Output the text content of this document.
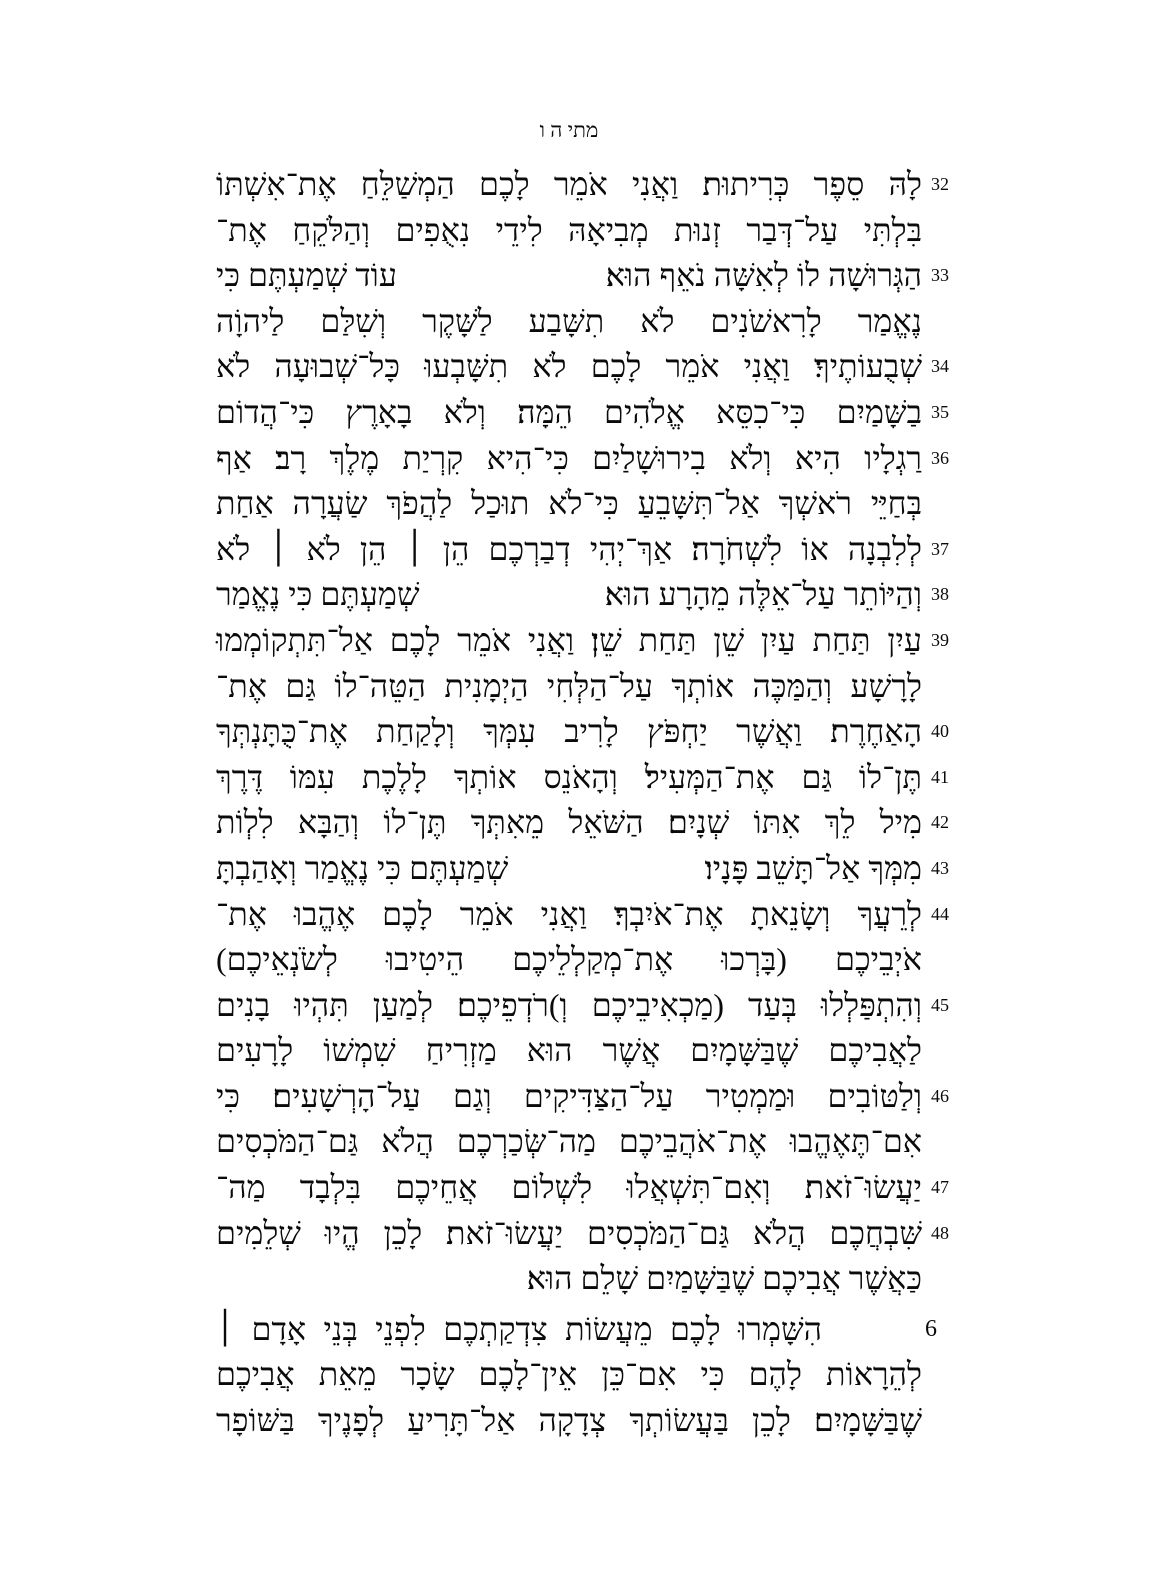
מתי ה ו
32
לָהּ סֵפֶר כְּרִיתוּת׃ וַאֲנִי אֹמֵר לָכֶם הַמְשַׁלֵּחַ אֶת־אִשְׁתּוֹ
בִּלְתִּי עַל־דְּבַר זְנוּת מְבִיאָהּ לִידֵי נִאֻפִים וְהַלֹּקֵחַ אֶת־
33
הַגְּרוּשָׁה לוֹ לְאִשָּׁה נֹאֵף הוּא׃
עוֹד שְׁמַעְתֶּם כִּי
נֶאֱמַר לָרִאשֹׁנִים לֹא תִשָּׁבַע לַשָּׁקֶר וְשִׁלַּם לַיהוָֹה
34
שְׁבֻעוֹתֶיךָ׃ וַאֲנִי אֹמֵר לָכֶם לֹא תִשָּׁבְעוּ כָּל־שְׁבוּעָה לֹא
35
בַשָּׁמַיִם כִּי־כִסֵּא אֱלֹהִים הֵמָּה׃ וְלֹא בָאָרֶץ כִּי־הֲדוֹם
36
רַגְלָיו הִיא וְלֹא בִירוּשָׁלַיִם כִּי־הִיא קִרְיַת מֶלֶךְ רָב׃ אַף
בְּחַיֵּי רֹאשְׁךָ אַל־תִּשָּׁבֵעַ כִּי־לֹא תוּכַל לַהֲפֹךְ שַׂעֲרָה אַחַת
37
לְלִבְנָה אוֹ לִשְׁחֹרָה׃ אַךְ־יְהִי דְבַרְכֶם הֵן ׀ הֵן לֹא ׀ לֹא
38
וְהַיּוֹתֵר עַל־אֵלֶּה מֵהָרָע הוּא׃
שְׁמַעְתֶּם כִּי נֶאֱמַר
39
עַיִן תַּחַת עַיִן שֵׁן תַּחַת שֵׁן׃ וַאֲנִי אֹמֵר לָכֶם אַל־תִּתְקוֹמְמוּ
לָרָשָׁע וְהַמַּכֶּה אוֹתְךָ עַל־הַלְּחִי הַיְמָנִית הַטֵּה־לוֹ גַּם אֶת־
40
הָאַחֶרֶת׃ וַאֲשֶׁר יַחְפֹּץ לָרִיב עִמְּךָ וְלָקַחַת אֶת־כֻּתָּנְתְּךָ
41
תֶּן־לוֹ גַּם אֶת־הַמְּעִיל׃ וְהָאֹנֵס אוֹתְךָ לָלֶכֶת עִמּוֹ דֶּרֶךְ
42
מִיל לֵךְ אִתּוֹ שְׁנָיִם׃ הַשֹּׁאֵל מֵאִתְּךָ תֶּן־לוֹ וְהַבָּא לִלְוֹת
43
מִמְּךָ אַל־תָּשֵׁב פָּנָיו׃
שְׁמַעְתֶּם כִּי נֶאֱמַר וְאָהַבְתָּ
44
לְרֵעֲךָ וְשָׂנֵאתָ אֶת־אֹיִבְךָ׃ וַאֲנִי אֹמֵר לָכֶם אֶהֱבוּ אֶת־
אֹיְבֵיכֶם (בָּרְכוּ אֶת־מְקַלְלֵיכֶם הֵיטִיבוּ לְשֹׂנְאֵיכֶם)
45
וְהִתְפַּלְלוּ בְּעַד (מַכְאִיבֵיכֶם וְ)רֹדְפֵיכֶם׃ לְמַעַן תִּהְיוּ בָנִים
לַאֲבִיכֶם שֶׁבַּשָּׁמָיִם אֲשֶׁר הוּא מַזְרִיחַ שִׁמְשׁוֹ לָרָעִים
46
וְלַטּוֹבִים וּמַמְטִיר עַל־הַצַּדִּיקִים וְגַם עַל־הָרְשָׁעִים׃ כִּי
אִם־תֶּאֶהֱבוּ אֶת־אֹהֲבֵיכֶם מַה־שְּׂכַרְכֶם הֲלֹא גַּם־הַמֹּכְסִים
47
יַעֲשׂוּ־זֹאת׃ וְאִם־תִּשְׁאֲלוּ לִשְׁלוֹם אֲחֵיכֶם בִּלְבָד מַה־
48
שִּׁבְחֲכֶם הֲלֹא גַּם־הַמֹּכְסִים יַעֲשׂוּ־זֹאת׃ לָכֵן הֱיוּ שְׁלֵמִים
כַּאֲשֶׁר אֲבִיכֶם שֶׁבַּשָּׁמַיִם שָׁלֵם הוּא׃
6
הִשָּׁמְרוּ לָכֶם מֵעֲשׂוֹת צִדְקַתְכֶם לִפְנֵי בְּנֵי אָדָם ׀
לְהֵרָאוֹת לָהֶם כִּי אִם־כֵּן אֵין־לָכֶם שָׂכָר מֵאֵת אֲבִיכֶם
שֶׁבַּשָּׁמָיִם׃ לָכֵן בַּעֲשׂוֹתְךָ צְדָקָה אַל־תָּרִיעַ לְפָנֶיךָ בַּשּׁוֹפָר
